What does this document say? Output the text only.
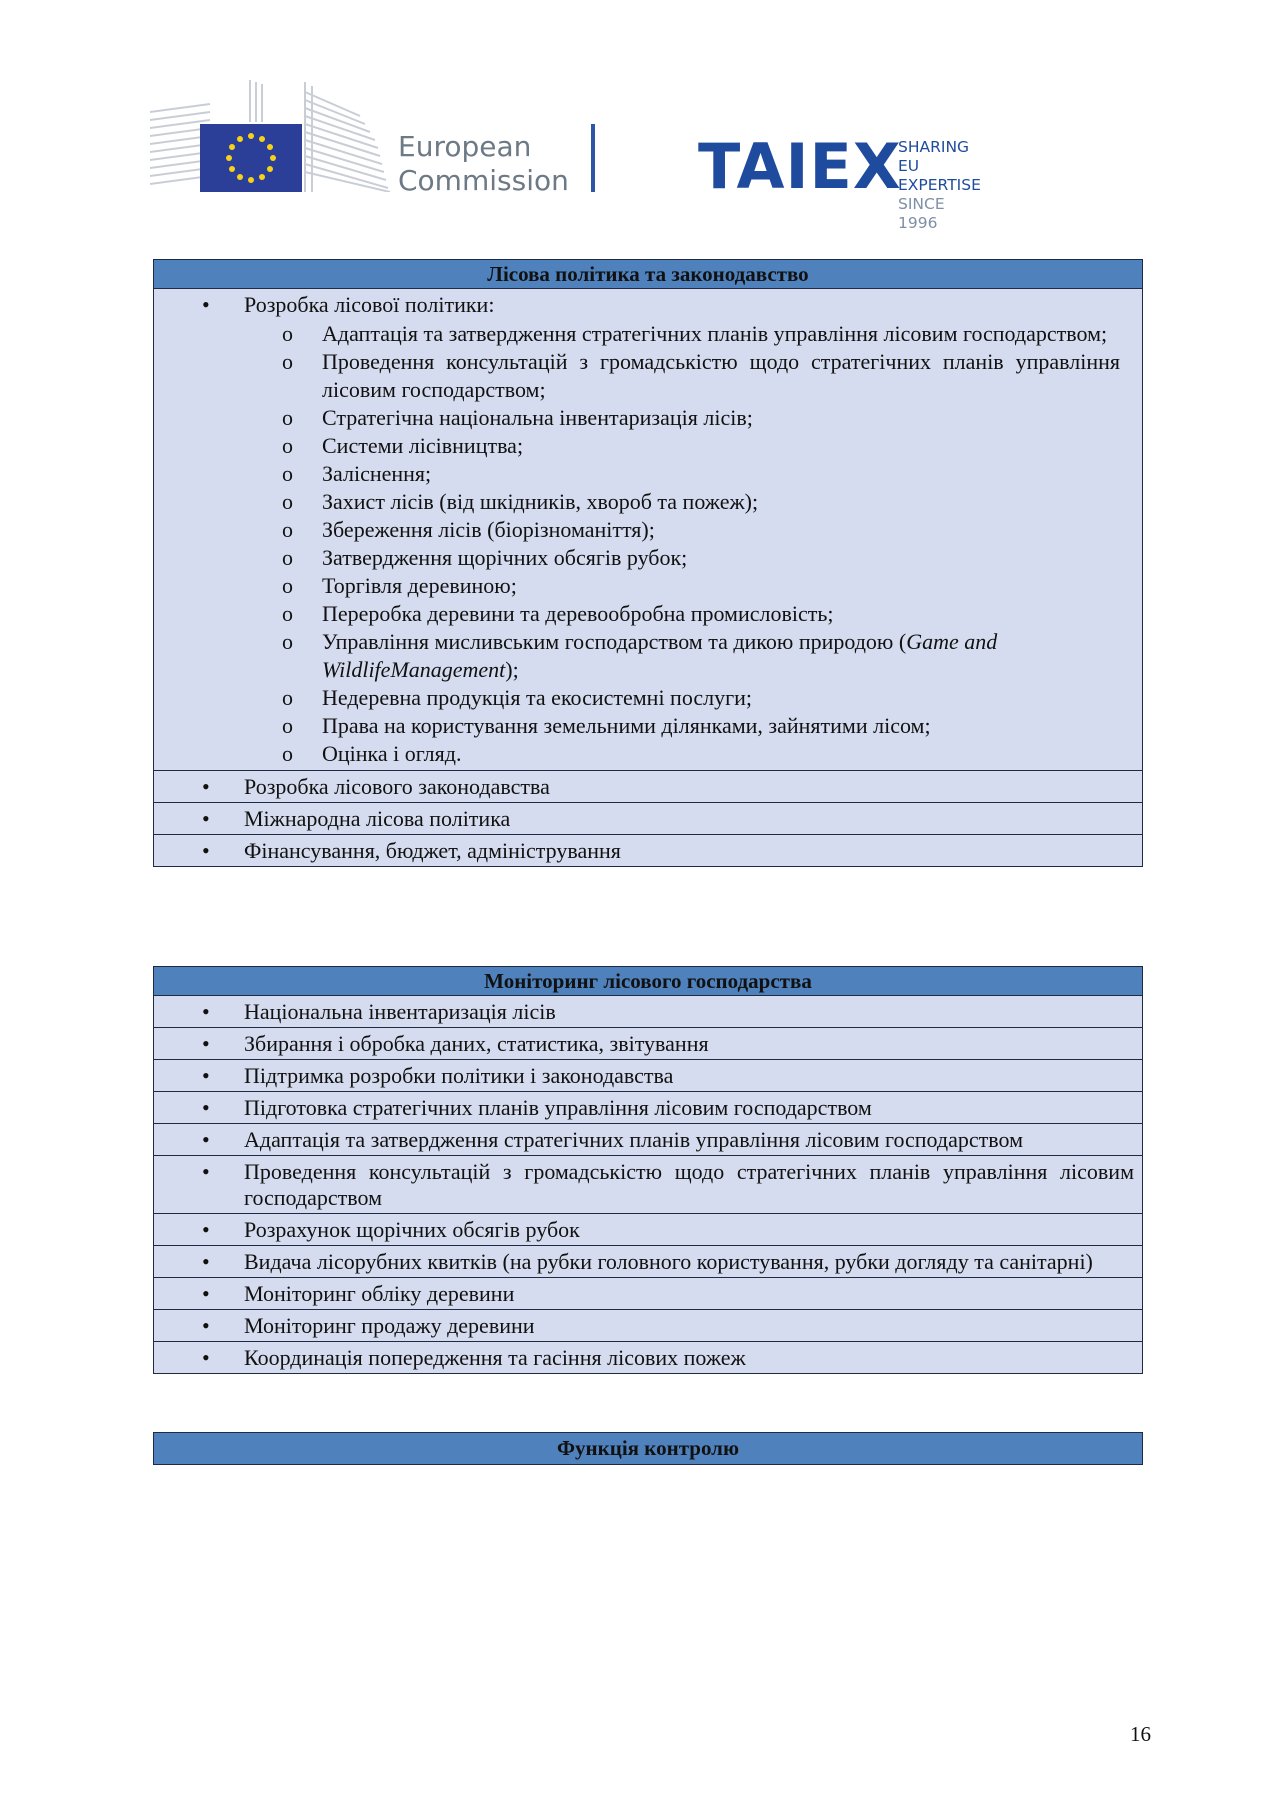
European
Commission TAIEX
SHARING
EU EXPERTISE
SINCE 1996
Лісова політика та законодавство
• Розробка лісової політики:
o Адаптація та затвердження стратегічних планів управління лісовим господарством;
o Проведення консультацій з громадськістю щодо стратегічних планів управління лісовим господарством;
o Стратегічна національна інвентаризація лісів;
o Системи лісівництва;
o Заліснення;
o Захист лісів (від шкідників, хвороб та пожеж);
o Збереження лісів (біорізноманіття);
o Затвердження щорічних обсягів рубок;
o Торгівля деревиною;
o Переробка деревини та деревообробна промисловість;
o Управління мисливським господарством та дикою природою (Game and WildlifeManagement);
o Недеревна продукція та екосистемні послуги;
o Права на користування земельними ділянками, зайнятими лісом;
o Оцінка і огляд.
• Розробка лісового законодавства
• Міжнародна лісова політика
• Фінансування, бюджет, адміністрування
Моніторинг лісового господарства
• Національна інвентаризація лісів
• Збирання і обробка даних, статистика, звітування
• Підтримка розробки політики і законодавства
• Підготовка стратегічних планів управління лісовим господарством
• Адаптація та затвердження стратегічних планів управління лісовим господарством
• Проведення консультацій з громадськістю щодо стратегічних планів управління лісовим господарством
• Розрахунок щорічних обсягів рубок
• Видача лісорубних квитків (на рубки головного користування, рубки догляду та санітарні)
• Моніторинг обліку деревини
• Моніторинг продажу деревини
• Координація попередження та гасіння лісових пожеж
Функція контролю
16
